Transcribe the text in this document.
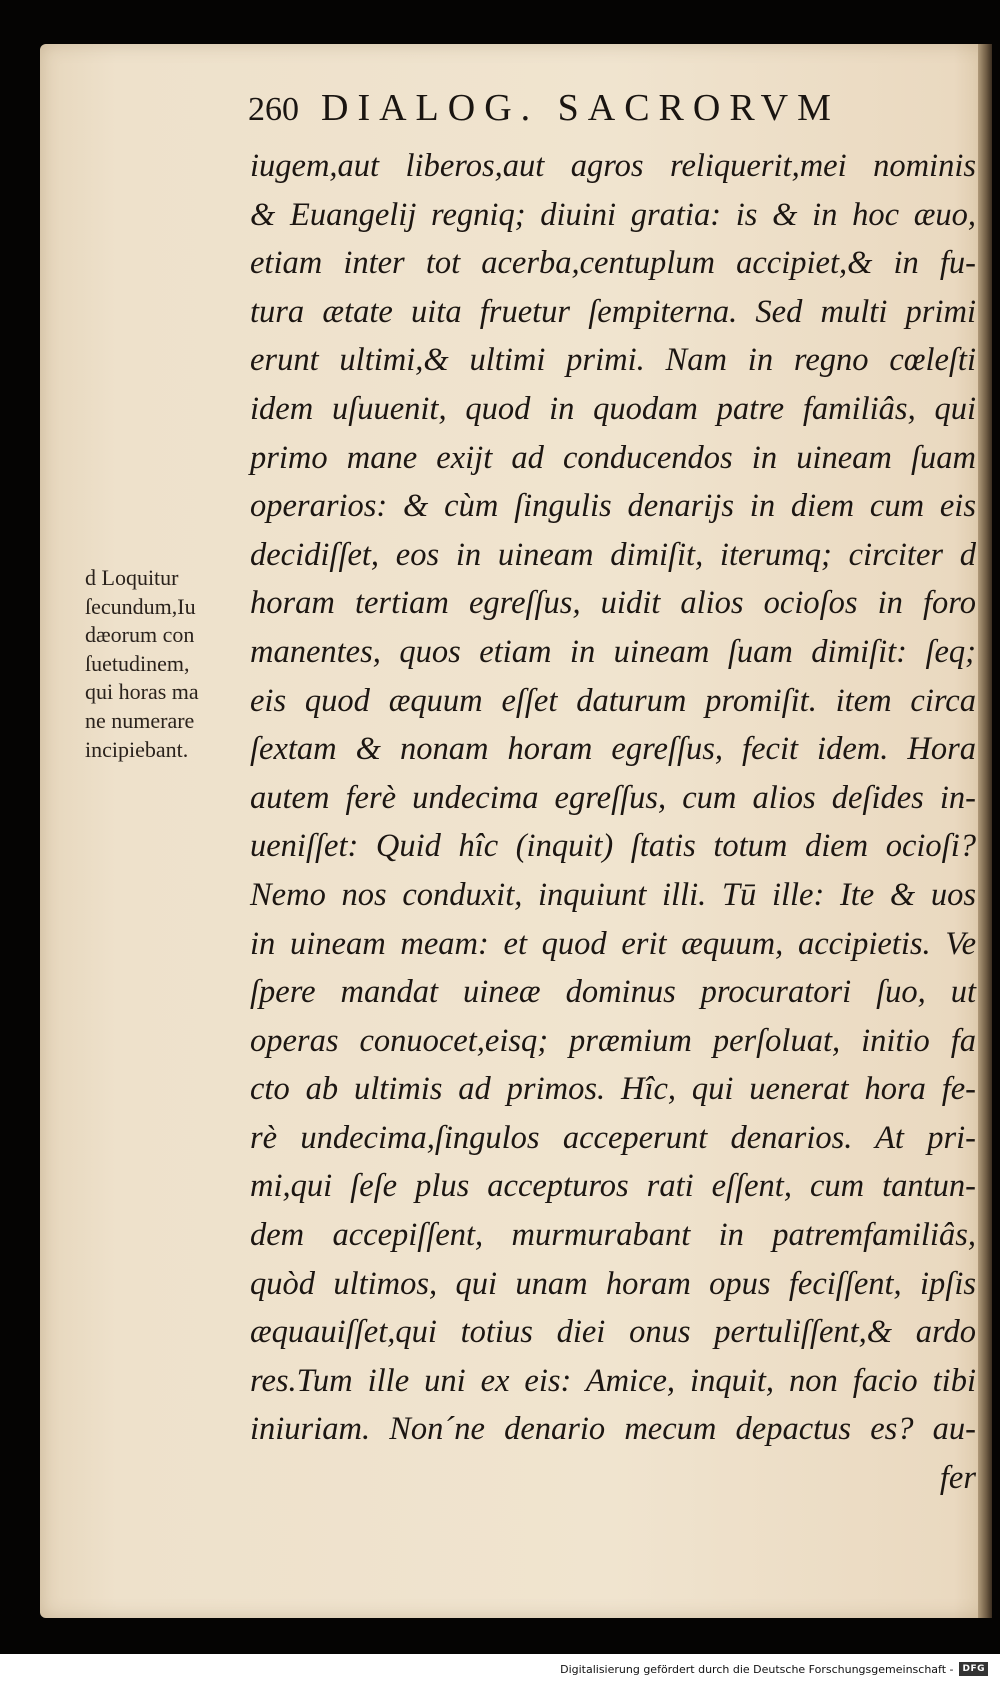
260 DIALOG. SACRORVM
d Loquitur
ſecundum,Iu
dæorum con
ſuetudinem,
qui horas ma
ne numerare
incipiebant.
iugem,aut liberos,aut agros reliquerit,mei nominis
& Euangelij regniq; diuini gratia: is & in hoc æuo,
etiam inter tot acerba,centuplum accipiet,& in fu-
tura ætate uita fruetur ſempiterna. Sed multi primi
erunt ultimi,& ultimi primi. Nam in regno cœleſti
idem uſuuenit, quod in quodam patre familiâs, qui
primo mane exijt ad conducendos in uineam ſuam
operarios: & cùm ſingulis denarijs in diem cum eis
decidiſſet, eos in uineam dimiſit, iterumq; circiter d
horam tertiam egreſſus, uidit alios ocioſos in foro
manentes, quos etiam in uineam ſuam dimiſit: ſeq;
eis quod æquum eſſet daturum promiſit. item circa
ſextam & nonam horam egreſſus, fecit idem. Hora
autem ferè undecima egreſſus, cum alios deſides in-
ueniſſet: Quid hîc (inquit) ſtatis totum diem ocioſi?
Nemo nos conduxit, inquiunt illi. Tū ille: Ite & uos
in uineam meam: et quod erit æquum, accipietis. Ve
ſpere mandat uineæ dominus procuratori ſuo, ut
operas conuocet,eisq; præmium perſoluat, initio fa
cto ab ultimis ad primos. Hîc, qui uenerat hora fe-
rè undecima,ſingulos acceperunt denarios. At pri-
mi,qui ſeſe plus accepturos rati eſſent, cum tantun-
dem accepiſſent, murmurabant in patremfamiliâs,
quòd ultimos, qui unam horam opus feciſſent, ipſis
æquauiſſet,qui totius diei onus pertuliſſent,& ardo
res.Tum ille uni ex eis: Amice, inquit, non facio tibi
iniuriam. Non´ne denario mecum depactus es? au-
fer
Digitalisierung gefördert durch die Deutsche Forschungsgemeinschaft -	DFG
